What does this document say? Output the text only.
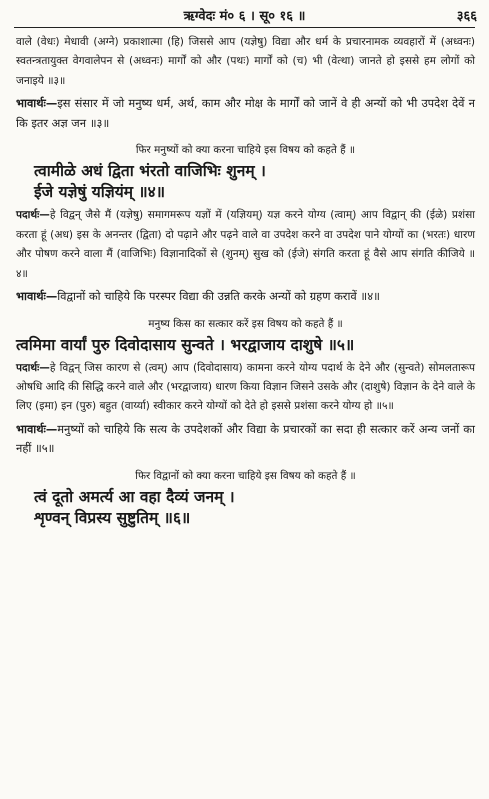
ऋग्वेदः मं० ६ । सू० १६ ॥	३६६

वाले (वेधः) मेधावी (अग्ने) प्रकाशात्मा (हि) जिससे आप (यज्ञेषु) विद्या और धर्म के प्रचारनामक व्यवहारों में (अध्वनः) स्वतन्त्रतायुक्त वेगवालेपन से (अध्वनः) मार्गों को और (पथः) मार्गों को (च) भी (वेत्था) जानते हो इससे हम लोगों को जनाइये ॥३॥

भावार्थः—इस संसार में जो मनुष्य धर्म, अर्थ, काम और मोक्ष के मार्गों को जानें वे ही अन्यों को भी उपदेश देवें न कि इतर अज्ञ जन ॥३॥

फिर मनुष्यों को क्या करना चाहिये इस विषय को कहते हैं ॥

त्वामीळे अधं द्विता भंरतो वाजिभिः शुनम् ।
ईजे यज्ञेषुं यज्ञियंम् ॥४॥

पदार्थः—हे विद्वन् जैसे मैं (यज्ञेषु) समागमरूप यज्ञों में (यज्ञियम्) यज्ञ करने योग्य (त्वाम्) आप विद्वान् की (ईळे) प्रशंसा करता हूं (अध) इस के अनन्तर (द्विता) दो पढ़ाने और पढ़ने वाले वा उपदेश करने वा उपदेश पाने योग्यों का (भरतः) धारण और पोषण करने वाला मैं (वाजिभिः) विज्ञानादिकों से (शुनम्) सुख को (ईजे) संगति करता हूं वैसे आप संगति कीजिये ॥४॥

भावार्थः—विद्वानों को चाहिये कि परस्पर विद्या की उन्नति करके अन्यों को ग्रहण करावें ॥४॥

मनुष्य किस का सत्कार करें इस विषय को कहते हैं ॥

त्वमिमा वार्यां पुरु दिवोदासाय सुन्वते । भरद्वाजाय दाशुषे ॥५॥

पदार्थः—हे विद्वन् जिस कारण से (त्वम्) आप (दिवोदासाय) कामना करने योग्य पदार्थ के देने और (सुन्वते) सोमलतारूप ओषधि आदि की सिद्धि करने वाले और (भरद्वाजाय) धारण किया विज्ञान जिसने उसके और (दाशुषे) विज्ञान के देने वाले के लिए (इमा) इन (पुरु) बहुत (वार्य्या) स्वीकार करने योग्यों को देते हो इससे प्रशंसा करने योग्य हो ॥५॥

भावार्थः—मनुष्यों को चाहिये कि सत्य के उपदेशकों और विद्या के प्रचारकों का सदा ही सत्कार करें अन्य जनों का नहीं ॥५॥

फिर विद्वानों को क्या करना चाहिये इस विषय को कहते हैं ॥

त्वं दूतो अमर्त्य आ वहा दैव्यं जनम् ।
शृण्वन् विप्रस्य सुष्टुतिम् ॥६॥
